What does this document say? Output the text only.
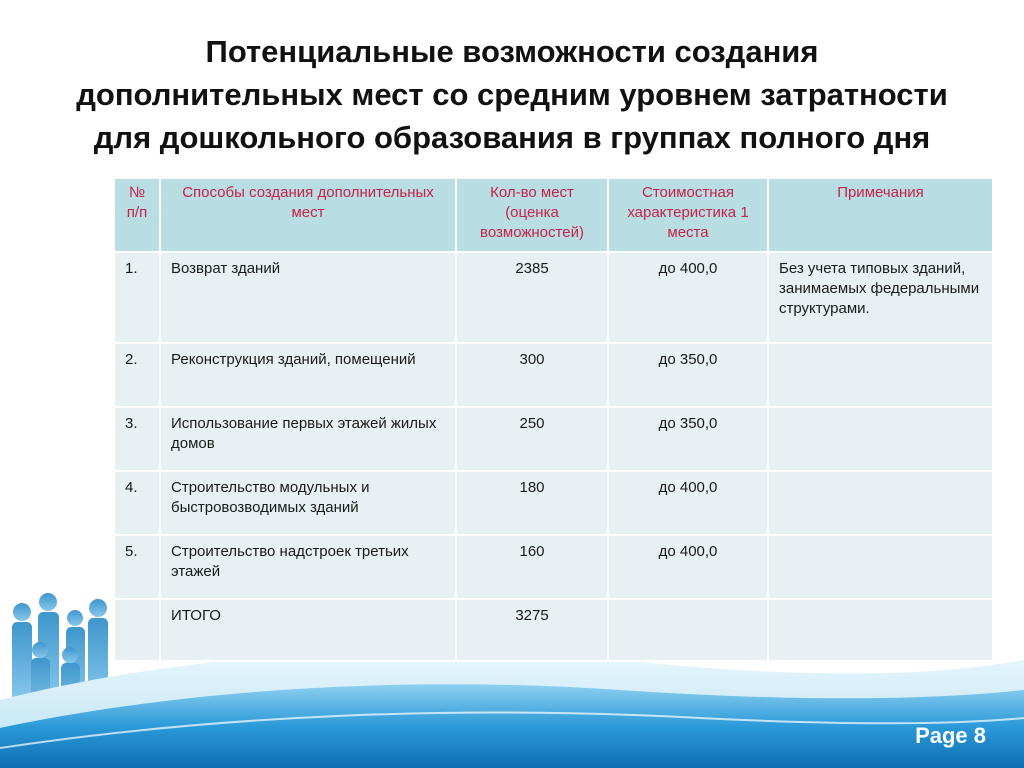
Потенциальные возможности создания
дополнительных мест со средним уровнем затратности
для дошкольного образования в группах полного дня
№ п/п	Способы создания дополнительных мест	Кол-во мест (оценка возможностей)	Стоимостная характеристика 1 места	Примечания
1.	Возврат зданий	2385	до 400,0	Без учета типовых зданий, занимаемых федеральными структурами.
2.	Реконструкция зданий, помещений	300	до 350,0	
3.	Использование первых этажей жилых домов	250	до 350,0	
4.	Строительство модульных и быстровозводимых зданий	180	до 400,0	
5.	Строительство надстроек третьих этажей	160	до 400,0	
	ИТОГО	3275		
Page 8
